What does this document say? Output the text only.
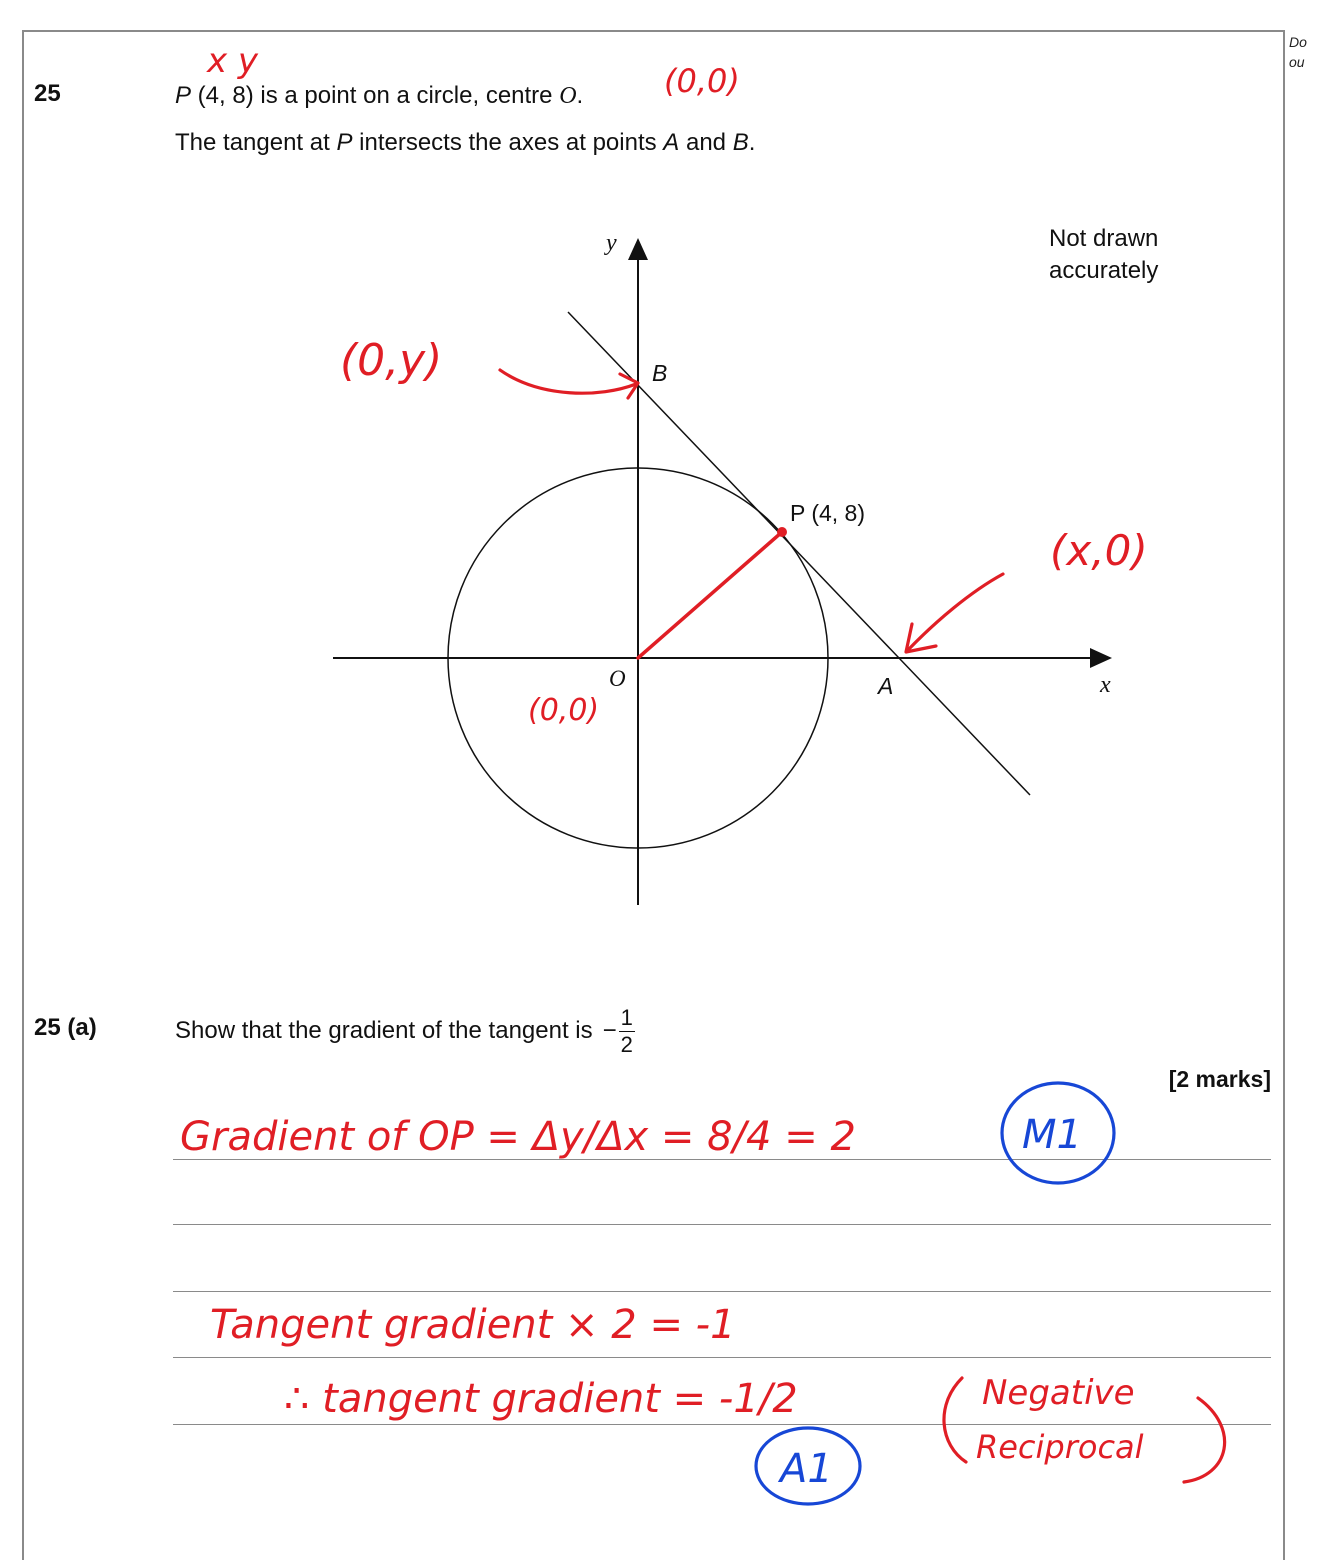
Do
ou
25	P (4, 8) is a point on a circle, centre O.
The tangent at P intersects the axes at points A and B.
y
x
O	A
B
P (4, 8)
Not drawn accurately
25 (a)	Show that the gradient of the tangent is − $\frac{1}{2}$
[2 marks]
x y	(0,0)
(0,y)
(x,0)
(0,0)
Gradient of OP = Δy/Δx = 8/4 = 2	M1
Tangent gradient × 2 = -1
∴ tangent gradient = -1/2	Negative
Reciprocal
A1
